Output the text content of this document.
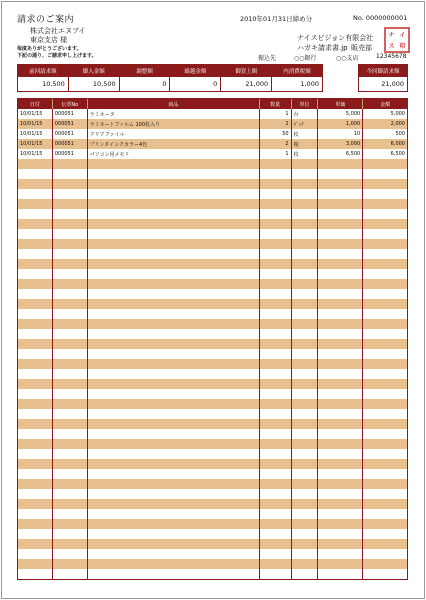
請求のご案内	2010年01月31日締め分	No. 0000000001
株式会社エヌブイ
東京支店 様	ナイスビジョン有限会社
ハガキ請求書.jp 販売部
ナ イ
ス 印
毎度ありがとうございます。
下記の通り、ご請求申し上げます。	振込先	○○銀行	○○支店	12345678
前回請求額	御入金額	調整額	繰越金額	御買上額	内消費税額
10,500	10,500	0	0	21,000	1,000
今回御請求額
21,000
日付	伝票No	商品	数量	単位	単価	金額
10/01/15	000051	ラミネータ	1	台	5,000	5,000
10/01/15	000051	ラミネートフィルム 100枚入り	2	ﾊﾟｯｸ	1,000	2,000
10/01/15	000051	クリアファイル	50	枚	10	500
10/01/15	000051	プリンタインクカラー4色	2	箱	3,000	6,000
10/01/15	000051	パソコン用メモリ	1	枚	6,500	6,500
